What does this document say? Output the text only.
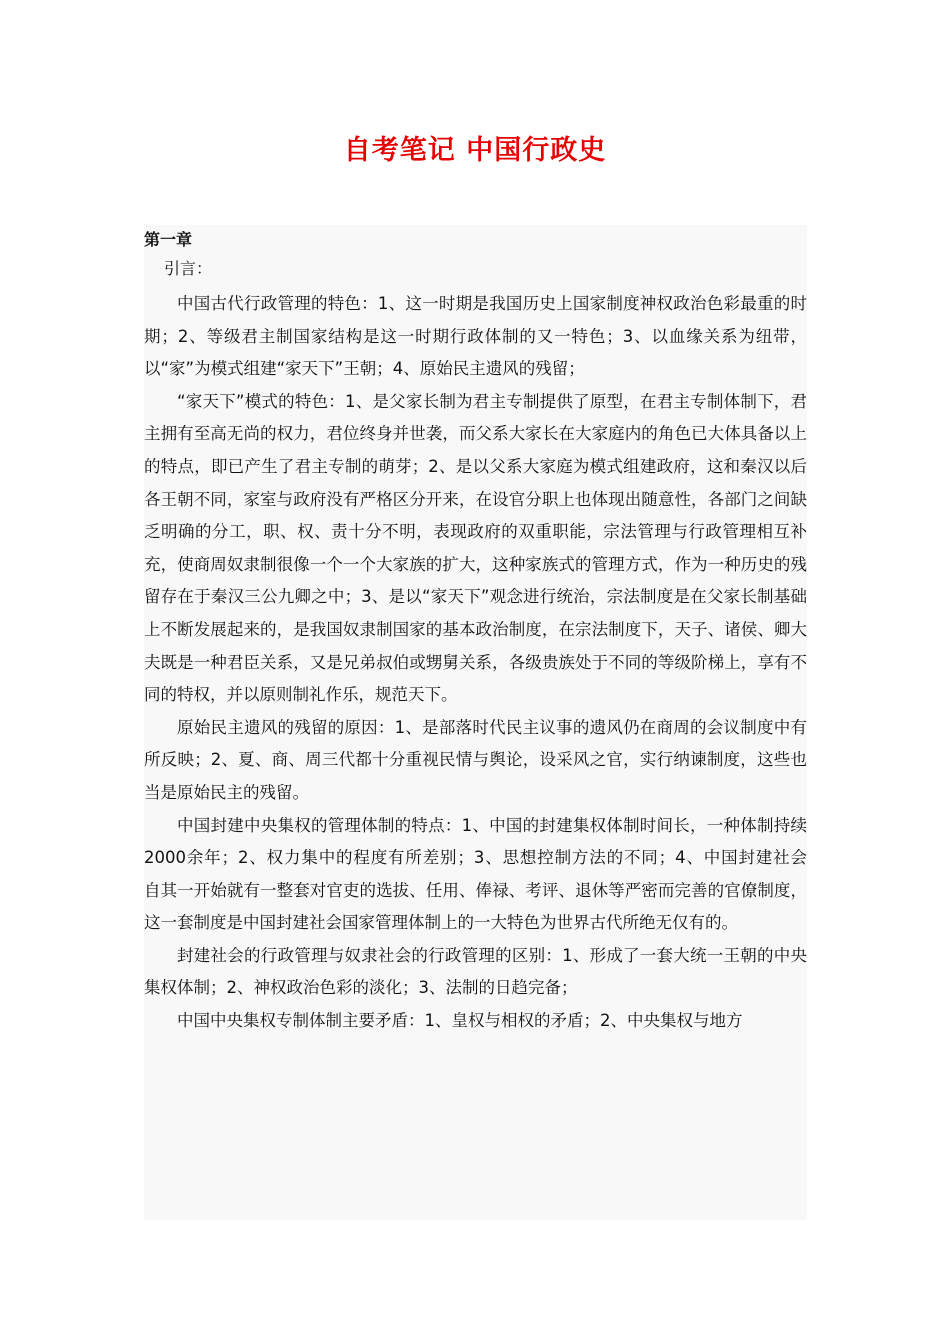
自考笔记 中国行政史

第一章

引言：

中国古代行政管理的特色：1、这一时期是我国历史上国家制度神权政治色彩最重的时期；2、等级君主制国家结构是这一时期行政体制的又一特色；3、以血缘关系为纽带，以“家”为模式组建“家天下”王朝；4、原始民主遗风的残留；

“家天下”模式的特色：1、是父家长制为君主专制提供了原型，在君主专制体制下，君主拥有至高无尚的权力，君位终身并世袭，而父系大家长在大家庭内的角色已大体具备以上的特点，即已产生了君主专制的萌芽；2、是以父系大家庭为模式组建政府，这和秦汉以后各王朝不同，家室与政府没有严格区分开来，在设官分职上也体现出随意性，各部门之间缺乏明确的分工，职、权、责十分不明，表现政府的双重职能，宗法管理与行政管理相互补充，使商周奴隶制很像一个一个大家族的扩大，这种家族式的管理方式，作为一种历史的残留存在于秦汉三公九卿之中；3、是以“家天下”观念进行统治，宗法制度是在父家长制基础上不断发展起来的，是我国奴隶制国家的基本政治制度，在宗法制度下，天子、诸侯、卿大夫既是一种君臣关系，又是兄弟叔伯或甥舅关系，各级贵族处于不同的等级阶梯上，享有不同的特权，并以原则制礼作乐，规范天下。

原始民主遗风的残留的原因：1、是部落时代民主议事的遗风仍在商周的会议制度中有所反映；2、夏、商、周三代都十分重视民情与舆论，设采风之官，实行纳谏制度，这些也当是原始民主的残留。

中国封建中央集权的管理体制的特点：1、中国的封建集权体制时间长，一种体制持续2000余年；2、权力集中的程度有所差别；3、思想控制方法的不同；4、中国封建社会　自其一开始就有一整套对官吏的选拔、任用、俸禄、考评、退休等严密而完善的官僚制度，这一套制度是中国封建社会国家管理体制上的一大特色为世界古代所绝无仅有的。

封建社会的行政管理与奴隶社会的行政管理的区别：1、形成了一套大统一王朝的中央集权体制；2、神权政治色彩的淡化；3、法制的日趋完备；

中国中央集权专制体制主要矛盾：1、皇权与相权的矛盾；2、中央集权与地方
